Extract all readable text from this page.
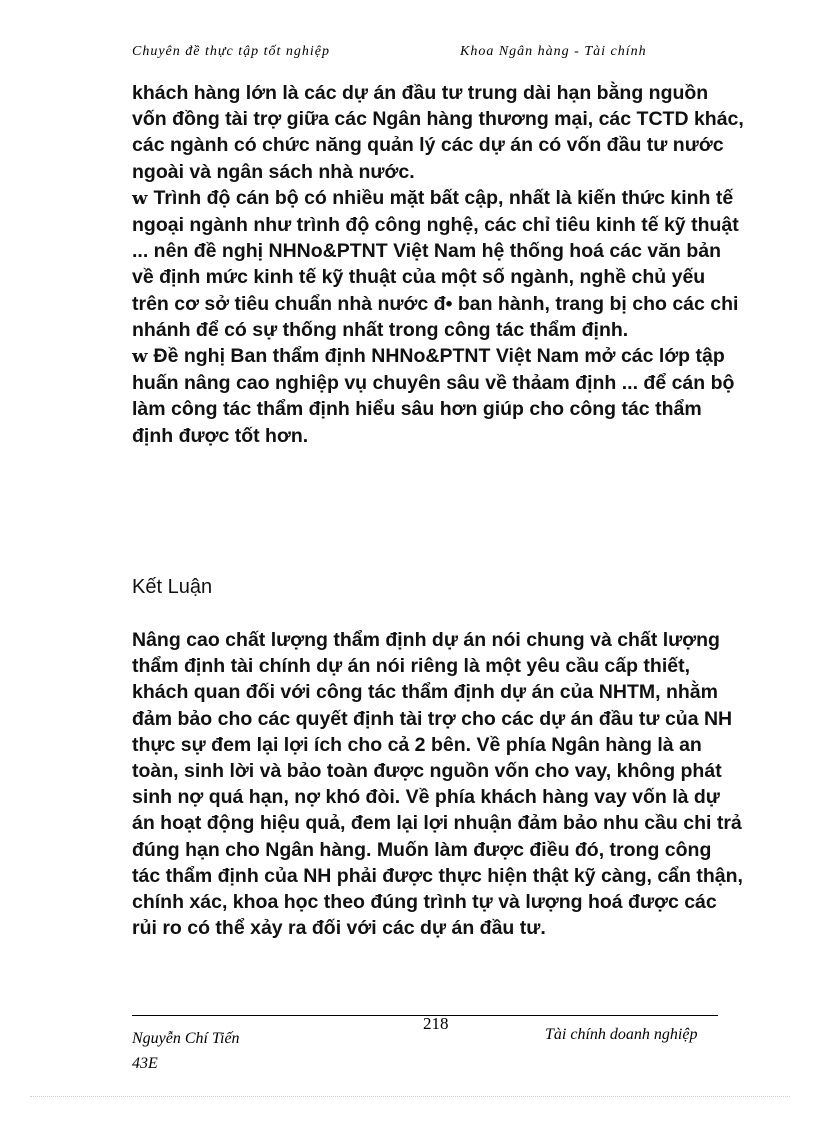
Chuyên đề thực tập tốt nghiệp	Khoa Ngân hàng - Tài chính

khách hàng lớn là các dự án đầu tư trung dài hạn bằng nguồn vốn đồng tài trợ giữa các Ngân hàng thương mại, các TCTD khác, các ngành có chức năng quản lý các dự án có vốn đầu tư nước ngoài và ngân sách nhà nước.

w Trình độ cán bộ có nhiều mặt bất cập, nhất là kiến thức kinh tế ngoại ngành như trình độ công nghệ, các chỉ tiêu kinh tế kỹ thuật ... nên đề nghị NHNo&PTNT Việt Nam hệ thống hoá các văn bản về định mức kinh tế kỹ thuật của một số ngành, nghề chủ yếu trên cơ sở tiêu chuẩn nhà nước đ• ban hành, trang bị cho các chi nhánh để có sự thống nhất trong công tác thẩm định.

w Đề nghị Ban thẩm định NHNo&PTNT Việt Nam mở các lớp tập huấn nâng cao nghiệp vụ chuyên sâu về thảam định ... để cán bộ làm công tác thẩm định hiểu sâu hơn giúp cho công tác thẩm định được tốt hơn.

Kết Luận

Nâng cao chất lượng thẩm định dự án nói chung và chất lượng thẩm định tài chính dự án nói riêng là một yêu cầu cấp thiết, khách quan đối với công tác thẩm định dự án của NHTM, nhằm đảm bảo cho các quyết định tài trợ cho các dự án đầu tư của NH thực sự đem lại lợi ích cho cả 2 bên. Về phía Ngân hàng là an toàn, sinh lời và bảo toàn được nguồn vốn cho vay, không phát sinh nợ quá hạn, nợ khó đòi. Về phía khách hàng vay vốn là dự án hoạt động hiệu quả, đem lại lợi nhuận đảm bảo nhu cầu chi trả đúng hạn cho Ngân hàng. Muốn làm được điều đó, trong công tác thẩm định của NH phải được thực hiện thật kỹ càng, cẩn thận, chính xác, khoa học theo đúng trình tự và lượng hoá được các rủi ro có thể xảy ra đối với các dự án đầu tư.

218
Nguyễn Chí Tiến
43E
Tài chính doanh nghiệp
